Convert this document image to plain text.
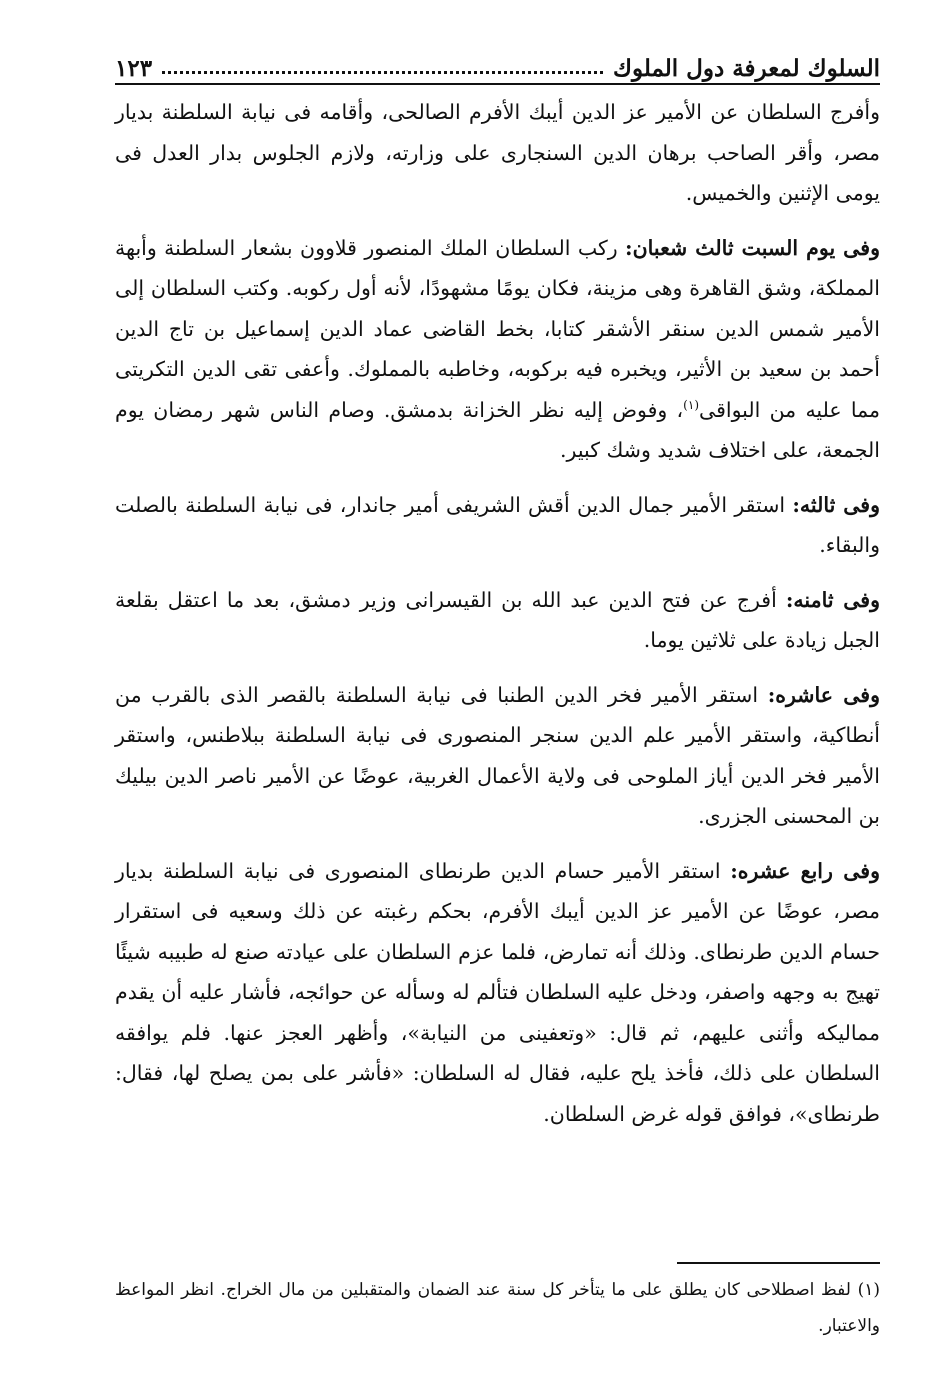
السلوك لمعرفة دول الملوك
١٢٣

وأفرج السلطان عن الأمير عز الدين أيبك الأفرم الصالحى، وأقامه فى نيابة السلطنة بديار مصر، وأقر الصاحب برهان الدين السنجارى على وزارته، ولازم الجلوس بدار العدل فى يومى الإثنين والخميس.

وفى يوم السبت ثالث شعبان: ركب السلطان الملك المنصور قلاوون بشعار السلطنة وأبهة المملكة، وشق القاهرة وهى مزينة، فكان يومًا مشهودًا، لأنه أول ركوبه. وكتب السلطان إلى الأمير شمس الدين سنقر الأشقر كتابا، بخط القاضى عماد الدين إسماعيل بن تاج الدين أحمد بن سعيد بن الأثير، ويخبره فيه بركوبه، وخاطبه بالمملوك. وأعفى تقى الدين التكريتى مما عليه من البواقى$^{(١)}$، وفوض إليه نظر الخزانة بدمشق. وصام الناس شهر رمضان يوم الجمعة، على اختلاف شديد وشك كبير.

وفى ثالثه: استقر الأمير جمال الدين أقش الشريفى أمير جاندار، فى نيابة السلطنة بالصلت والبقاء.

وفى ثامنه: أفرج عن فتح الدين عبد الله بن القيسرانى وزير دمشق، بعد ما اعتقل بقلعة الجبل زيادة على ثلاثين يوما.

وفى عاشره: استقر الأمير فخر الدين الطنبا فى نيابة السلطنة بالقصر الذى بالقرب من أنطاكية، واستقر الأمير علم الدين سنجر المنصورى فى نيابة السلطنة ببلاطنس، واستقر الأمير فخر الدين أياز الملوحى فى ولاية الأعمال الغربية، عوضًا عن الأمير ناصر الدين بيليك بن المحسنى الجزرى.

وفى رابع عشره: استقر الأمير حسام الدين طرنطاى المنصورى فى نيابة السلطنة بديار مصر، عوضًا عن الأمير عز الدين أيبك الأفرم، بحكم رغبته عن ذلك وسعيه فى استقرار حسام الدين طرنطاى. وذلك أنه تمارض، فلما عزم السلطان على عيادته صنع له طبيبه شيئًا تهيج به وجهه واصفر، ودخل عليه السلطان فتألم له وسأله عن حوائجه، فأشار عليه أن يقدم مماليكه وأثنى عليهم، ثم قال: «وتعفينى من النيابة»، وأظهر العجز عنها. فلم يوافقه السلطان على ذلك، فأخذ يلح عليه، فقال له السلطان: «فأشر على بمن يصلح لها، فقال: طرنطاى»، فوافق قوله غرض السلطان.

(١) لفظ اصطلاحى كان يطلق على ما يتأخر كل سنة عند الضمان والمتقبلين من مال الخراج. انظر المواعظ والاعتبار.
